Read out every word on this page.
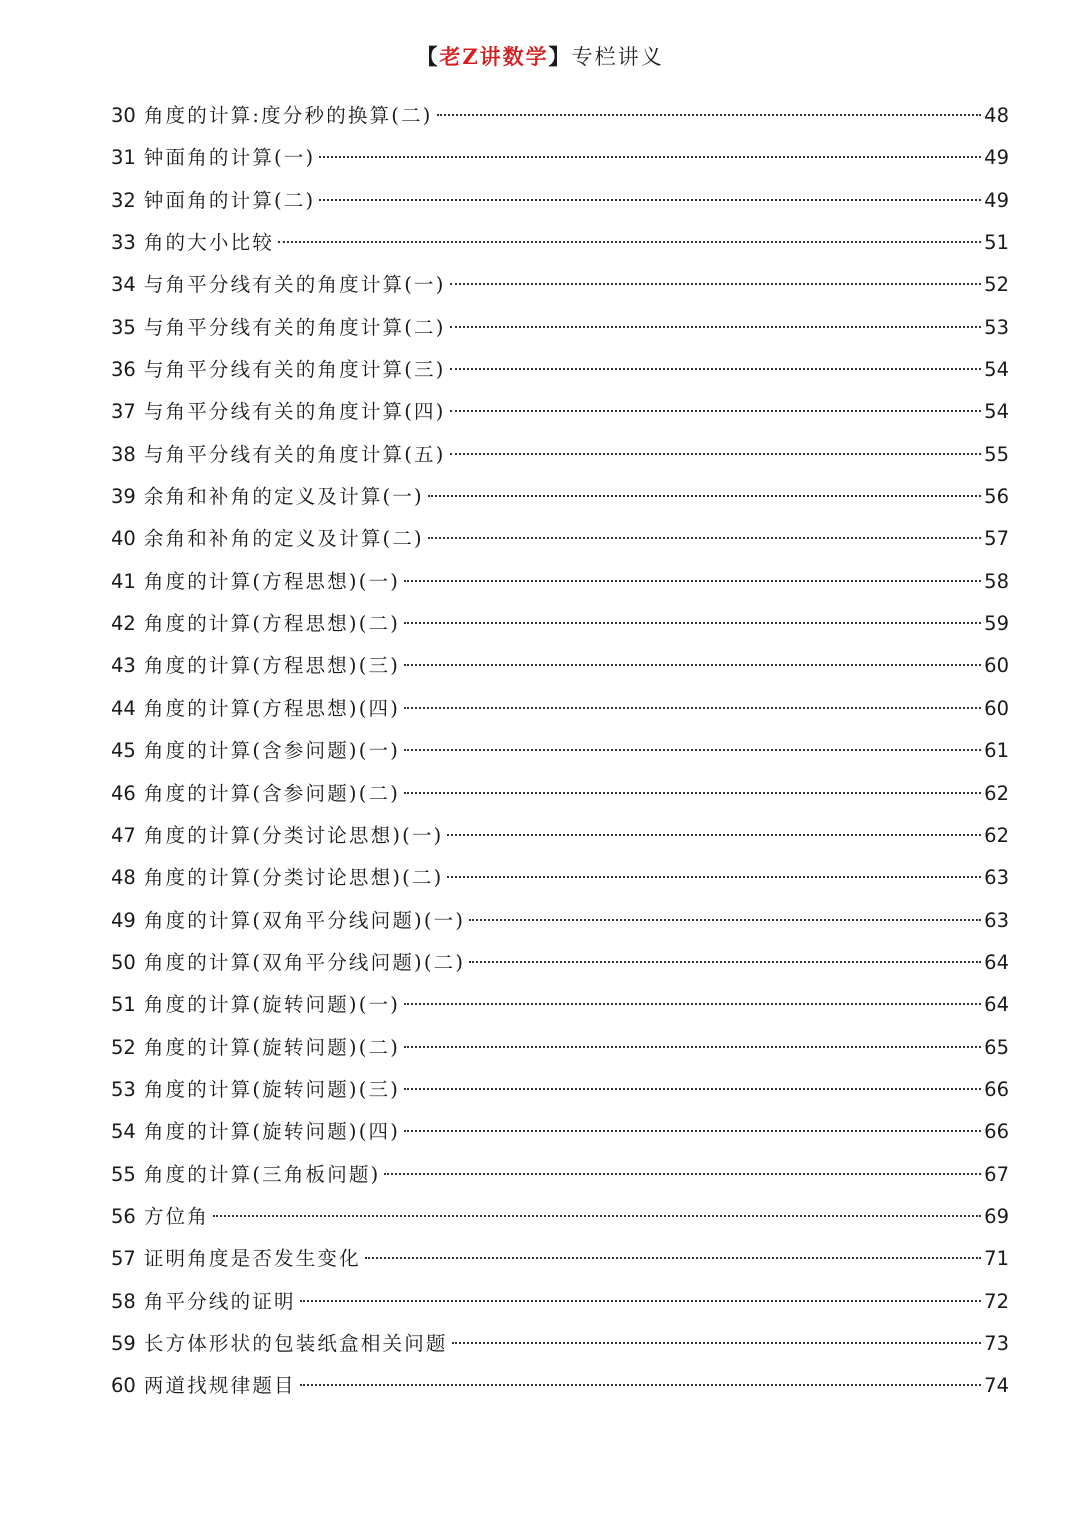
【老Z讲数学】专栏讲义
30 角度的计算:度分秒的换算(二)	48
31 钟面角的计算(一)	49
32 钟面角的计算(二)	49
33 角的大小比较	51
34 与角平分线有关的角度计算(一)	52
35 与角平分线有关的角度计算(二)	53
36 与角平分线有关的角度计算(三)	54
37 与角平分线有关的角度计算(四)	54
38 与角平分线有关的角度计算(五)	55
39 余角和补角的定义及计算(一)	56
40 余角和补角的定义及计算(二)	57
41 角度的计算(方程思想)(一)	58
42 角度的计算(方程思想)(二)	59
43 角度的计算(方程思想)(三)	60
44 角度的计算(方程思想)(四)	60
45 角度的计算(含参问题)(一)	61
46 角度的计算(含参问题)(二)	62
47 角度的计算(分类讨论思想)(一)	62
48 角度的计算(分类讨论思想)(二)	63
49 角度的计算(双角平分线问题)(一)	63
50 角度的计算(双角平分线问题)(二)	64
51 角度的计算(旋转问题)(一)	64
52 角度的计算(旋转问题)(二)	65
53 角度的计算(旋转问题)(三)	66
54 角度的计算(旋转问题)(四)	66
55 角度的计算(三角板问题)	67
56 方位角	69
57 证明角度是否发生变化	71
58 角平分线的证明	72
59 长方体形状的包装纸盒相关问题	73
60 两道找规律题目	74
